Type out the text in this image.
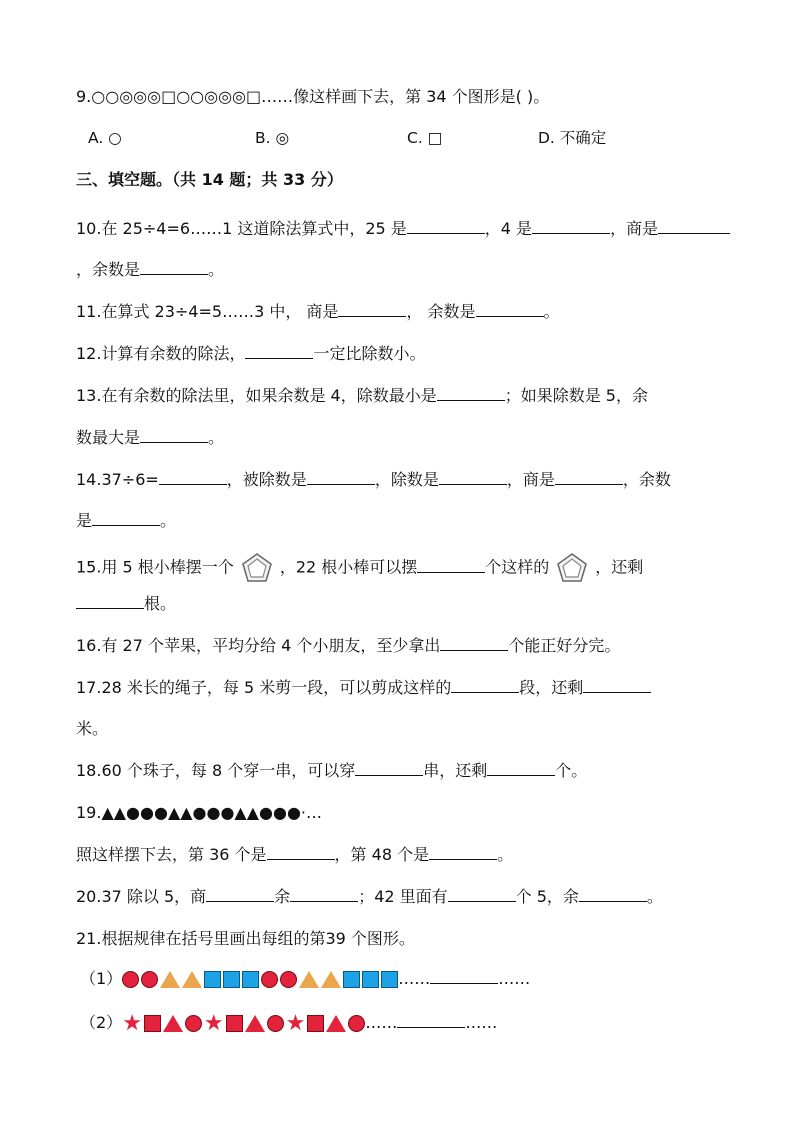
9.○○◎◎◎□○○◎◎◎□……像这样画下去，第 34 个图形是( )。
A. ○	B. ◎	C. □	D. 不确定
三、填空题。（共 14 题；共 33 分）
10.在 25÷4=6……1 这道除法算式中，25 是	，4 是	，商是
，余数是	。
11.在算式 23÷4=5……3 中， 商是	， 余数是	。
12.计算有余数的除法，	一定比除数小。
13.在有余数的除法里，如果余数是 4，除数最小是	；如果除数是 5，余
数最大是	。
14.37÷6=	，被除数是	，除数是	，商是	，余数
是	。
15.用 5 根小棒摆一个	，22 根小棒可以摆	个这样的	，还剩
根。
16.有 27 个苹果，平均分给 4 个小朋友，至少拿出	个能正好分完。
17.28 米长的绳子，每 5 米剪一段，可以剪成这样的	段，还剩
米。
18.60 个珠子，每 8 个穿一串，可以穿	串，还剩	个。
19.▲▲●●●▲▲●●●▲▲●●●·…
照这样摆下去，第 36 个是	，第 48 个是	。
20.37 除以 5，商	余	；42 里面有	个 5，余	。
21.根据规律在括号里画出每组的第39 个图形。
（1）	……	……
（2） ★	★	★	……	……
